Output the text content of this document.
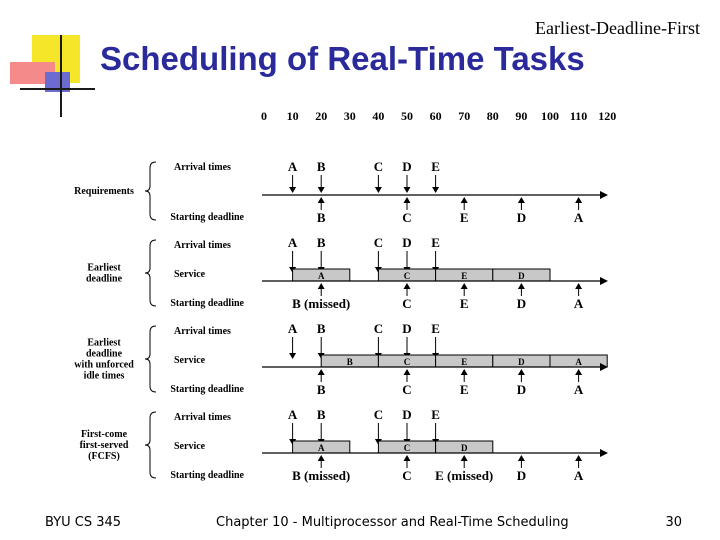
Earliest-Deadline-First
Scheduling of Real-Time Tasks
0 10 20 30 40 50 60 70 80 90 100 110 120
Arrival times
Starting deadline
Requirements
A B	C D E
B	C	E	D	A
Arrival times
Service
Starting deadline
Earliest
deadline
A B	C D E
A	C	E	D
B (missed)	C	E	D	A
Arrival times
Service
Starting deadline
Earliest
deadline
with unforced
idle times
A B	C D E
B	C	E	D	A
B	C	E	D	A
Arrival times
Service
Starting deadline
First-come
first-served
(FCFS)
A B	C D E
A	C	D
B (missed)	C E (missed) D	A
BYU CS 345	Chapter 10 - Multiprocessor and Real-Time Scheduling	30
